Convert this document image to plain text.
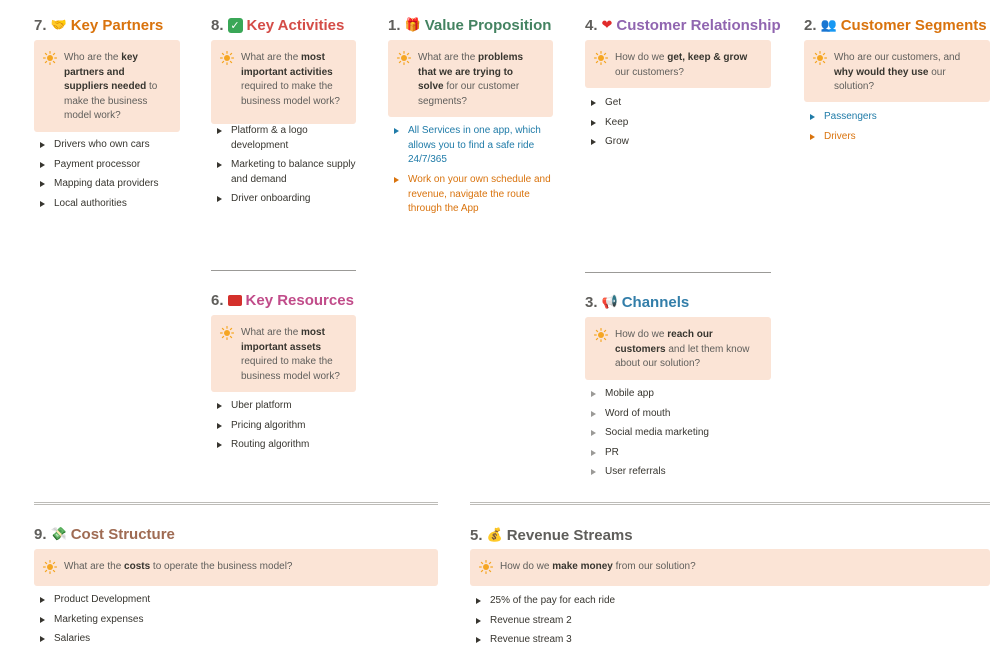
7. 🤝 Key Partners
Who are the key partners and suppliers needed to make the business model work?
Drivers who own cars
Payment processor
Mapping data providers
Local authorities
8. ✓ Key Activities
What are the most important activities required to make the business model work?
Platform & a logo development
Marketing to balance supply and demand
Driver onboarding
1. 🎁 Value Proposition
What are the problems that we are trying to solve for our customer segments?
All Services in one app, which allows you to find a safe ride 24/7/365
Work on your own schedule and revenue, navigate the route through the App
4. ❤ Customer Relationship
How do we get, keep & grow our customers?
Get
Keep
Grow
2. 👥 Customer Segments
Who are our customers, and why would they use our solution?
Passengers
Drivers
6. Key Resources
What are the most important assets required to make the business model work?
Uber platform
Pricing algorithm
Routing algorithm
3. 📢 Channels
How do we reach our customers and let them know about our solution?
Mobile app
Word of mouth
Social media marketing
PR
User referrals
9. 💸 Cost Structure
What are the costs to operate the business model?
Product Development
Marketing expenses
Salaries
5. 💰 Revenue Streams
How do we make money from our solution?
25% of the pay for each ride
Revenue stream 2
Revenue stream 3
